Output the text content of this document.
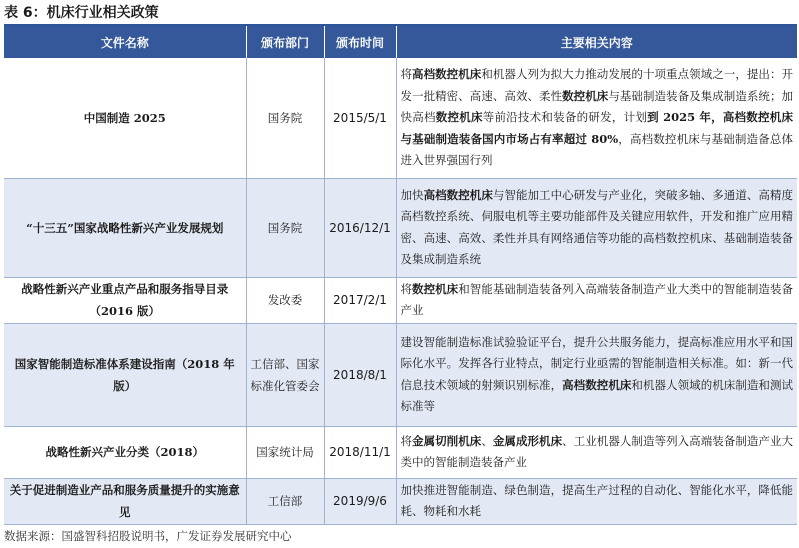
表 6：机床行业相关政策
文件名称	颁布部门	颁布时间	主要相关内容
中国制造 2025	国务院	2015/5/1	将高档数控机床和机器人列为拟大力推动发展的十项重点领域之一，提出：开发一批精密、高速、高效、柔性数控机床与基础制造装备及集成制造系统；加快高档数控机床等前沿技术和装备的研发，计划到 2025 年，高档数控机床与基础制造装备国内市场占有率超过 80%，高档数控机床与基础制造备总体进入世界强国行列
“十三五”国家战略性新兴产业发展规划	国务院	2016/12/1	加快高档数控机床与智能加工中心研发与产业化，突破多轴、多通道、高精度高档数控系统、伺服电机等主要功能部件及关键应用软件，开发和推广应用精密、高速、高效、柔性并具有网络通信等功能的高档数控机床、基础制造装备及集成制造系统
战略性新兴产业重点产品和服务指导目录（2016 版）	发改委	2017/2/1	将数控机床和智能基础制造装备列入高端装备制造产业大类中的智能制造装备产业
国家智能制造标准体系建设指南（2018 年版）	工信部、国家标准化管委会	2018/8/1	建设智能制造标准试验验证平台，提升公共服务能力，提高标准应用水平和国际化水平。发挥各行业特点，制定行业亟需的智能制造相关标准。如：新一代信息技术领域的射频识别标准，高档数控机床和机器人领域的机床制造和测试标准等
战略性新兴产业分类（2018）	国家统计局	2018/11/1	将金属切削机床、金属成形机床、工业机器人制造等列入高端装备制造产业大类中的智能制造装备产业
关于促进制造业产品和服务质量提升的实施意见	工信部	2019/9/6	加快推进智能制造、绿色制造，提高生产过程的自动化、智能化水平，降低能耗、物耗和水耗
数据来源：国盛智科招股说明书，广发证券发展研究中心
